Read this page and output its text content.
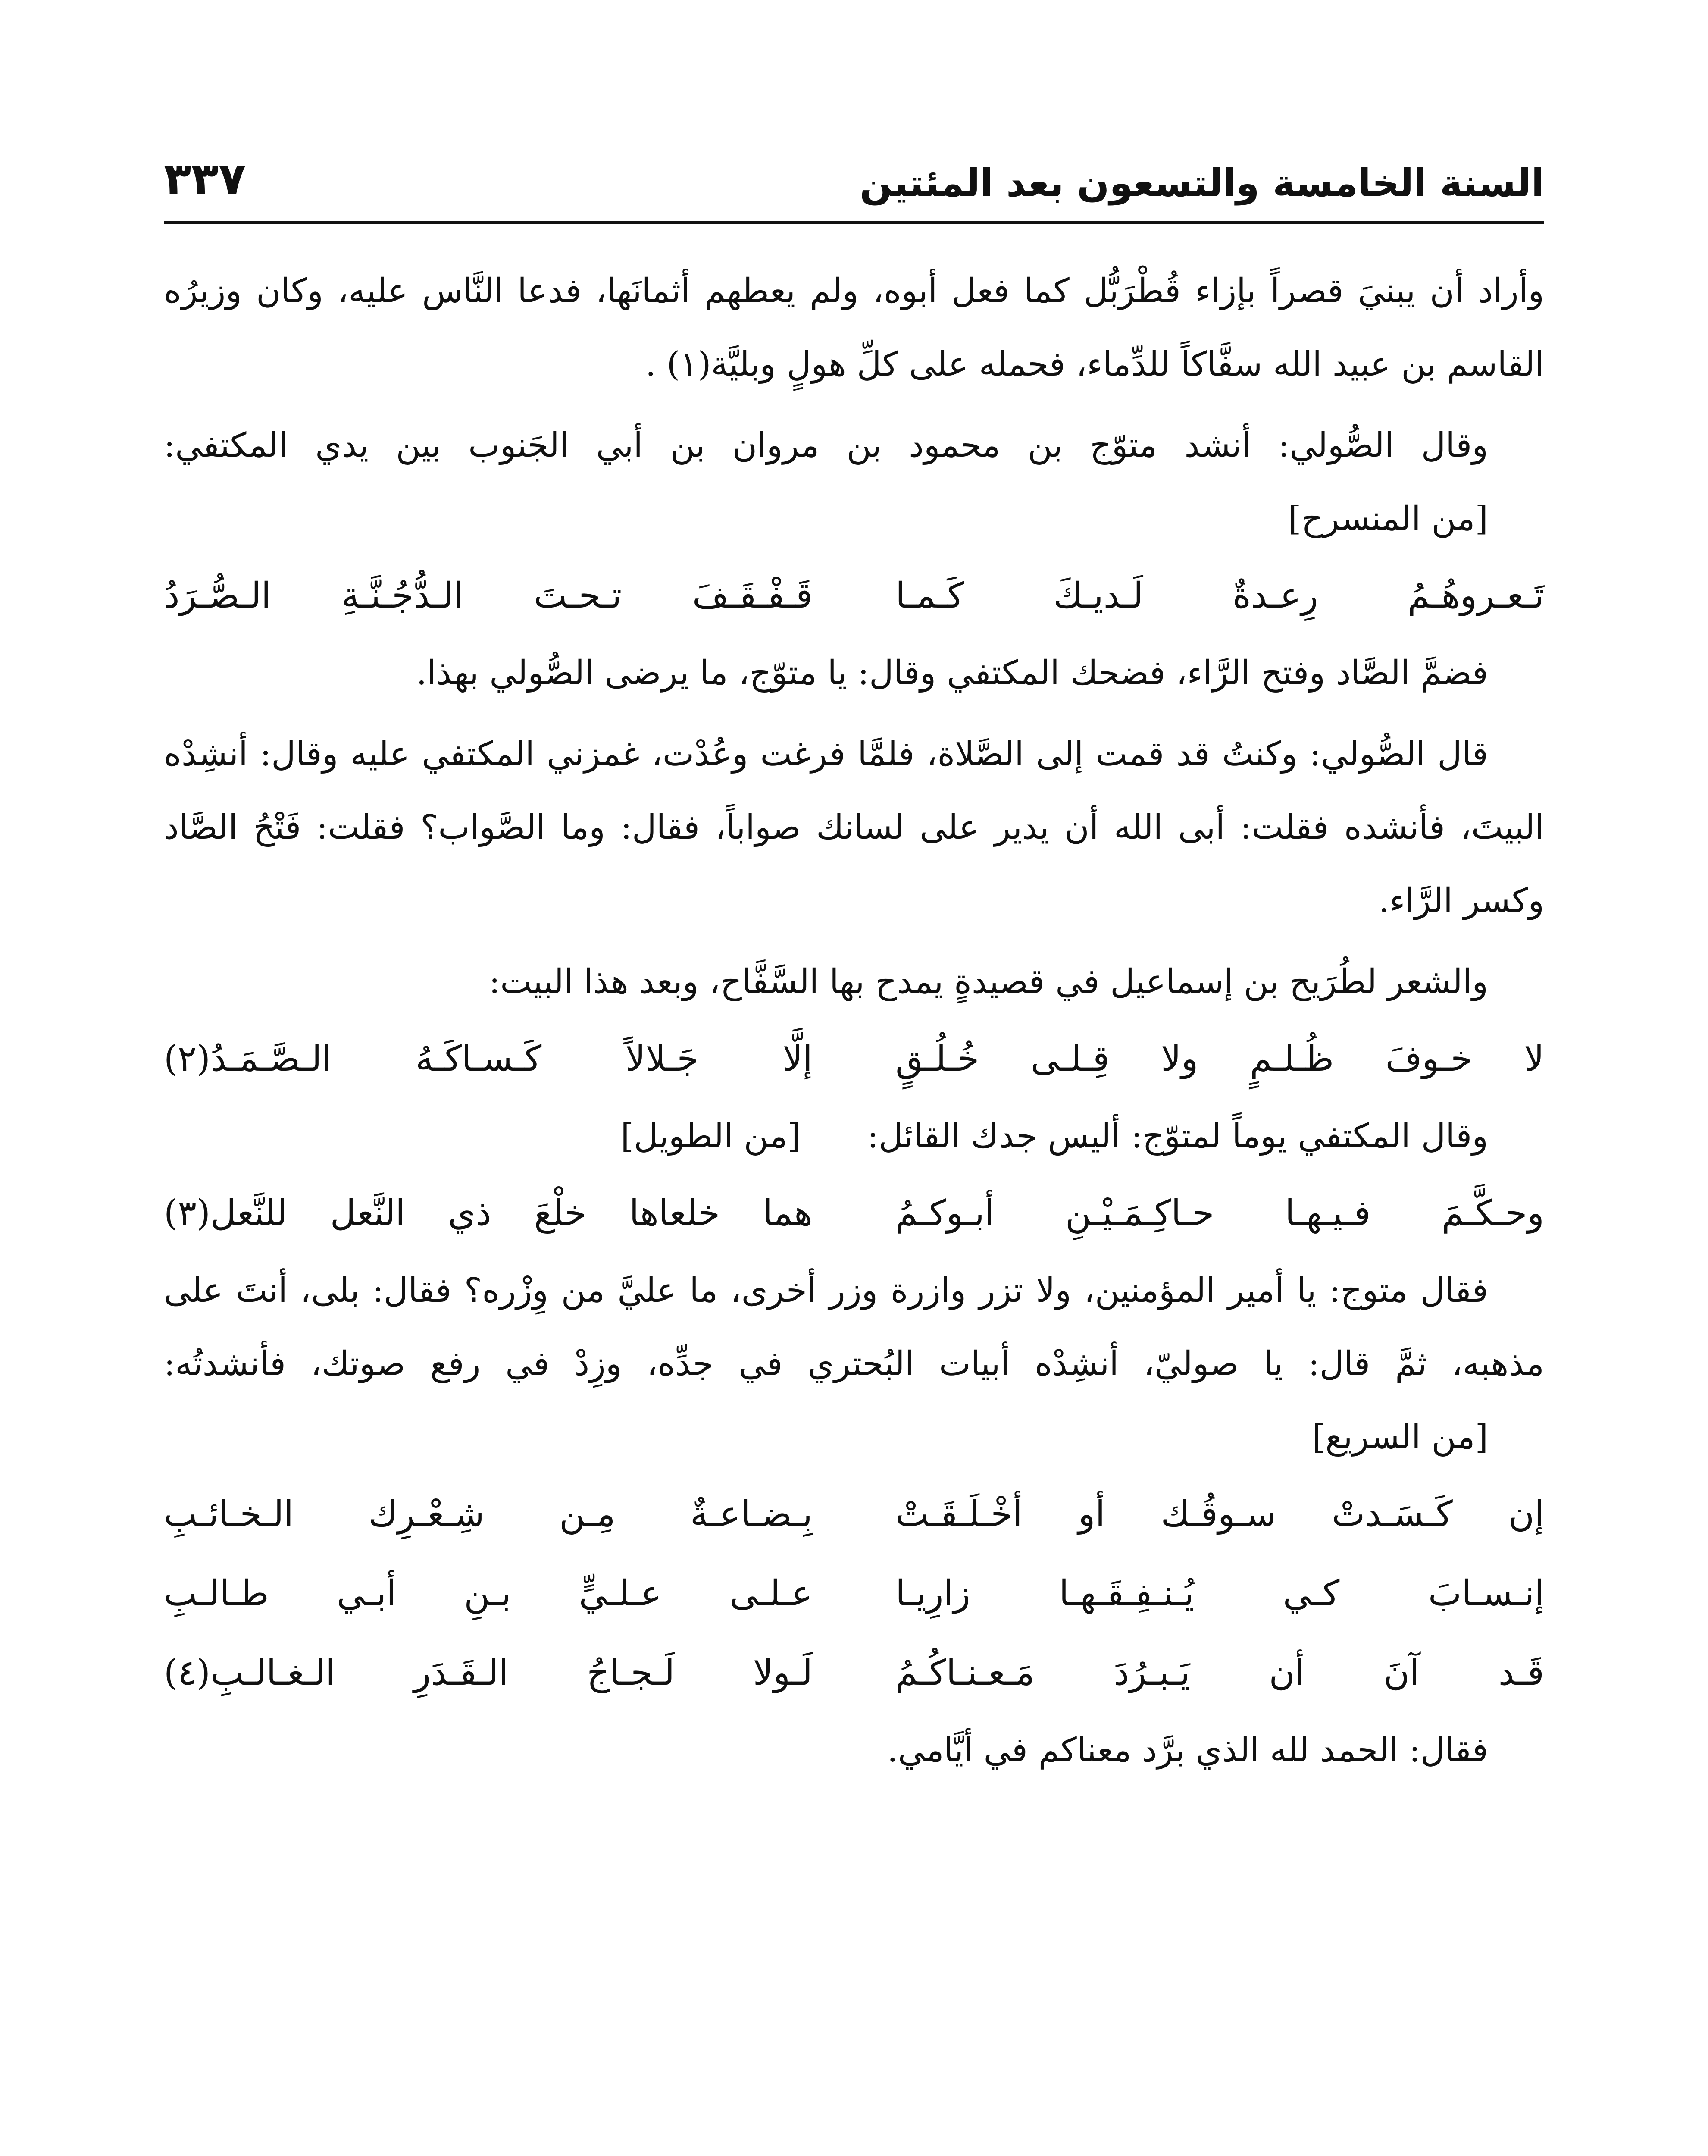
السنة الخامسة والتسعون بعد المئتين
٣٣٧

وأراد أن يبنيَ قصراً بإزاء قُطْرَبُّل كما فعل أبوه، ولم يعطهم أثمانَها، فدعا النَّاس عليه، وكان وزيرُه القاسم بن عبيد الله سفَّاكاً للدِّماء، فحمله على كلِّ هولٍ وبليَّة(١) .

وقال الصُّولي: أنشد متوّج بن محمود بن مروان بن أبي الجَنوب بين يدي المكتفي: [من المنسرح]

تَـعـروهُـمُ رِعـدةٌ لَـديـكَ كَـمـا
قَـفْـقَـفَ تـحـتَ الـدُّجُـنَّـةِ الـصُّـرَدُ

فضمَّ الصَّاد وفتح الرَّاء، فضحك المكتفي وقال: يا متوّج، ما يرضى الصُّولي بهذا.

قال الصُّولي: وكنتُ قد قمت إلى الصَّلاة، فلمَّا فرغت وعُدْت، غمزني المكتفي عليه وقال: أنشِدْه البيتَ، فأنشده فقلت: أبى الله أن يدير على لسانك صواباً، فقال: وما الصَّواب؟ فقلت: فَتْحُ الصَّاد وكسر الرَّاء.

والشعر لطُرَيح بن إسماعيل في قصيدةٍ يمدح بها السَّفَّاح، وبعد هذا البيت:

لا خـوفَ ظُـلـمٍ ولا قِـلـى خُـلُـقٍ
إلَّا جَـلالاً كَـسـاكَـهُ الـصَّـمَـدُ(٢)

وقال المكتفي يوماً لمتوّج: أليس جدك القائل: [من الطويل]

وحـكَّـمَ فـيـهـا حـاكِـمَـيْـنِ أبـوكـمُ
هما خلعاها خلْعَ ذي النَّعل للنَّعل(٣)

فقال متوج: يا أمير المؤمنين، ولا تزر وازرة وزر أخرى، ما عليَّ من وِزْره؟ فقال: بلى، أنتَ على مذهبه، ثمَّ قال: يا صوليّ، أنشِدْه أبيات البُحتري في جدِّه، وزِدْ في رفع صوتك، فأنشدتُه: [من السريع]

إن كَـسَـدتْ سـوقُـك أو أخْـلَـقَـتْ
بِـضـاعـةٌ مِـن شِـعْـرِك الـخـائـبِ
إنـسـابَ كـي يُـنـفِـقَـهـا زارِيـا
عـلـى عـلـيٍّ بـنِ أبـي طـالـبِ
قَـد آنَ أن يَـبـرُدَ مَـعـنـاكُـمُ
لَـولا لَـجـاجُ الـقَـدَرِ الـغـالـبِ(٤)

فقال: الحمد لله الذي برَّد معناكم في أيَّامي.
